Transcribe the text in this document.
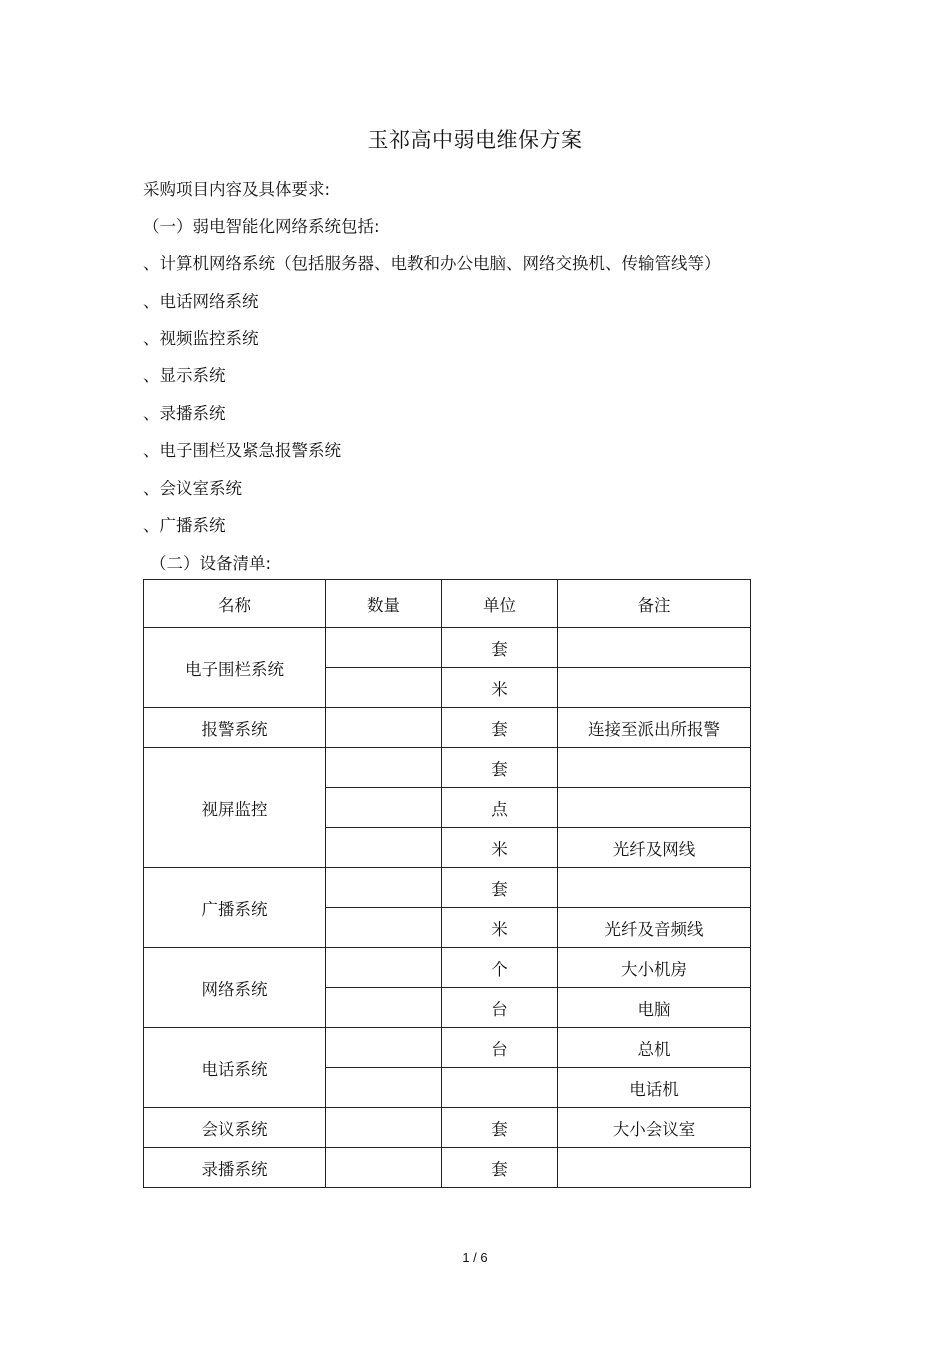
玉祁高中弱电维保方案
采购项目内容及具体要求:
（一）弱电智能化网络系统包括:
、计算机网络系统（包括服务器、电教和办公电脑、网络交换机、传输管线等）
、电话网络系统
、视频监控系统
、显示系统
、录播系统
、电子围栏及紧急报警系统
、会议室系统
、广播系统
（二）设备清单:
名称	数量	单位	备注
电子围栏系统		套	
		米	
报警系统		套	连接至派出所报警
视屏监控		套	
		点	
		米	光纤及网线
广播系统		套	
		米	光纤及音频线
网络系统		个	大小机房
		台	电脑
电话系统		台	总机
			电话机
会议系统		套	大小会议室
录播系统		套	
1 / 6
